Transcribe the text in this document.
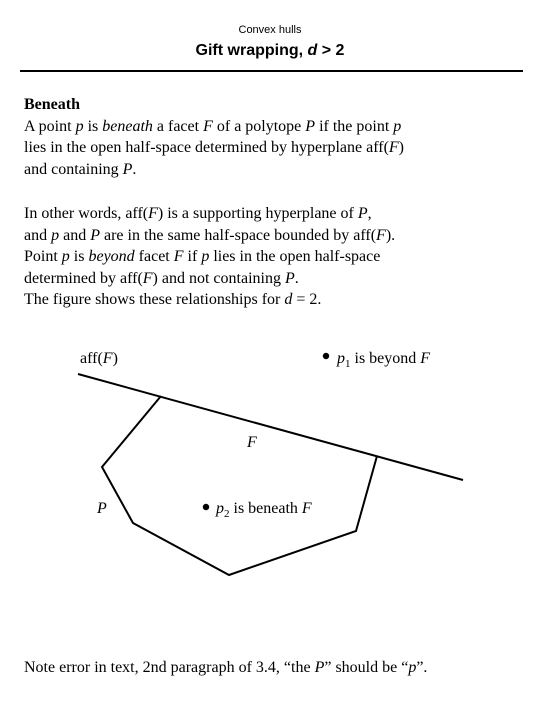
Convex hulls
Gift wrapping, d > 2
Beneath
A point p is beneath a facet F of a polytope P if the point p
lies in the open half-space determined by hyperplane aff(F)
and containing P.
In other words, aff(F) is a supporting hyperplane of P,
and p and P are in the same half-space bounded by aff(F).
Point p is beyond facet F if p lies in the open half-space
determined by aff(F) and not containing P.
The figure shows these relationships for d = 2.
aff(F)
F
P
$p_1$ is beyond F
$p_2$ is beneath F
Note error in text, 2nd paragraph of 3.4, “the P” should be “p”.
